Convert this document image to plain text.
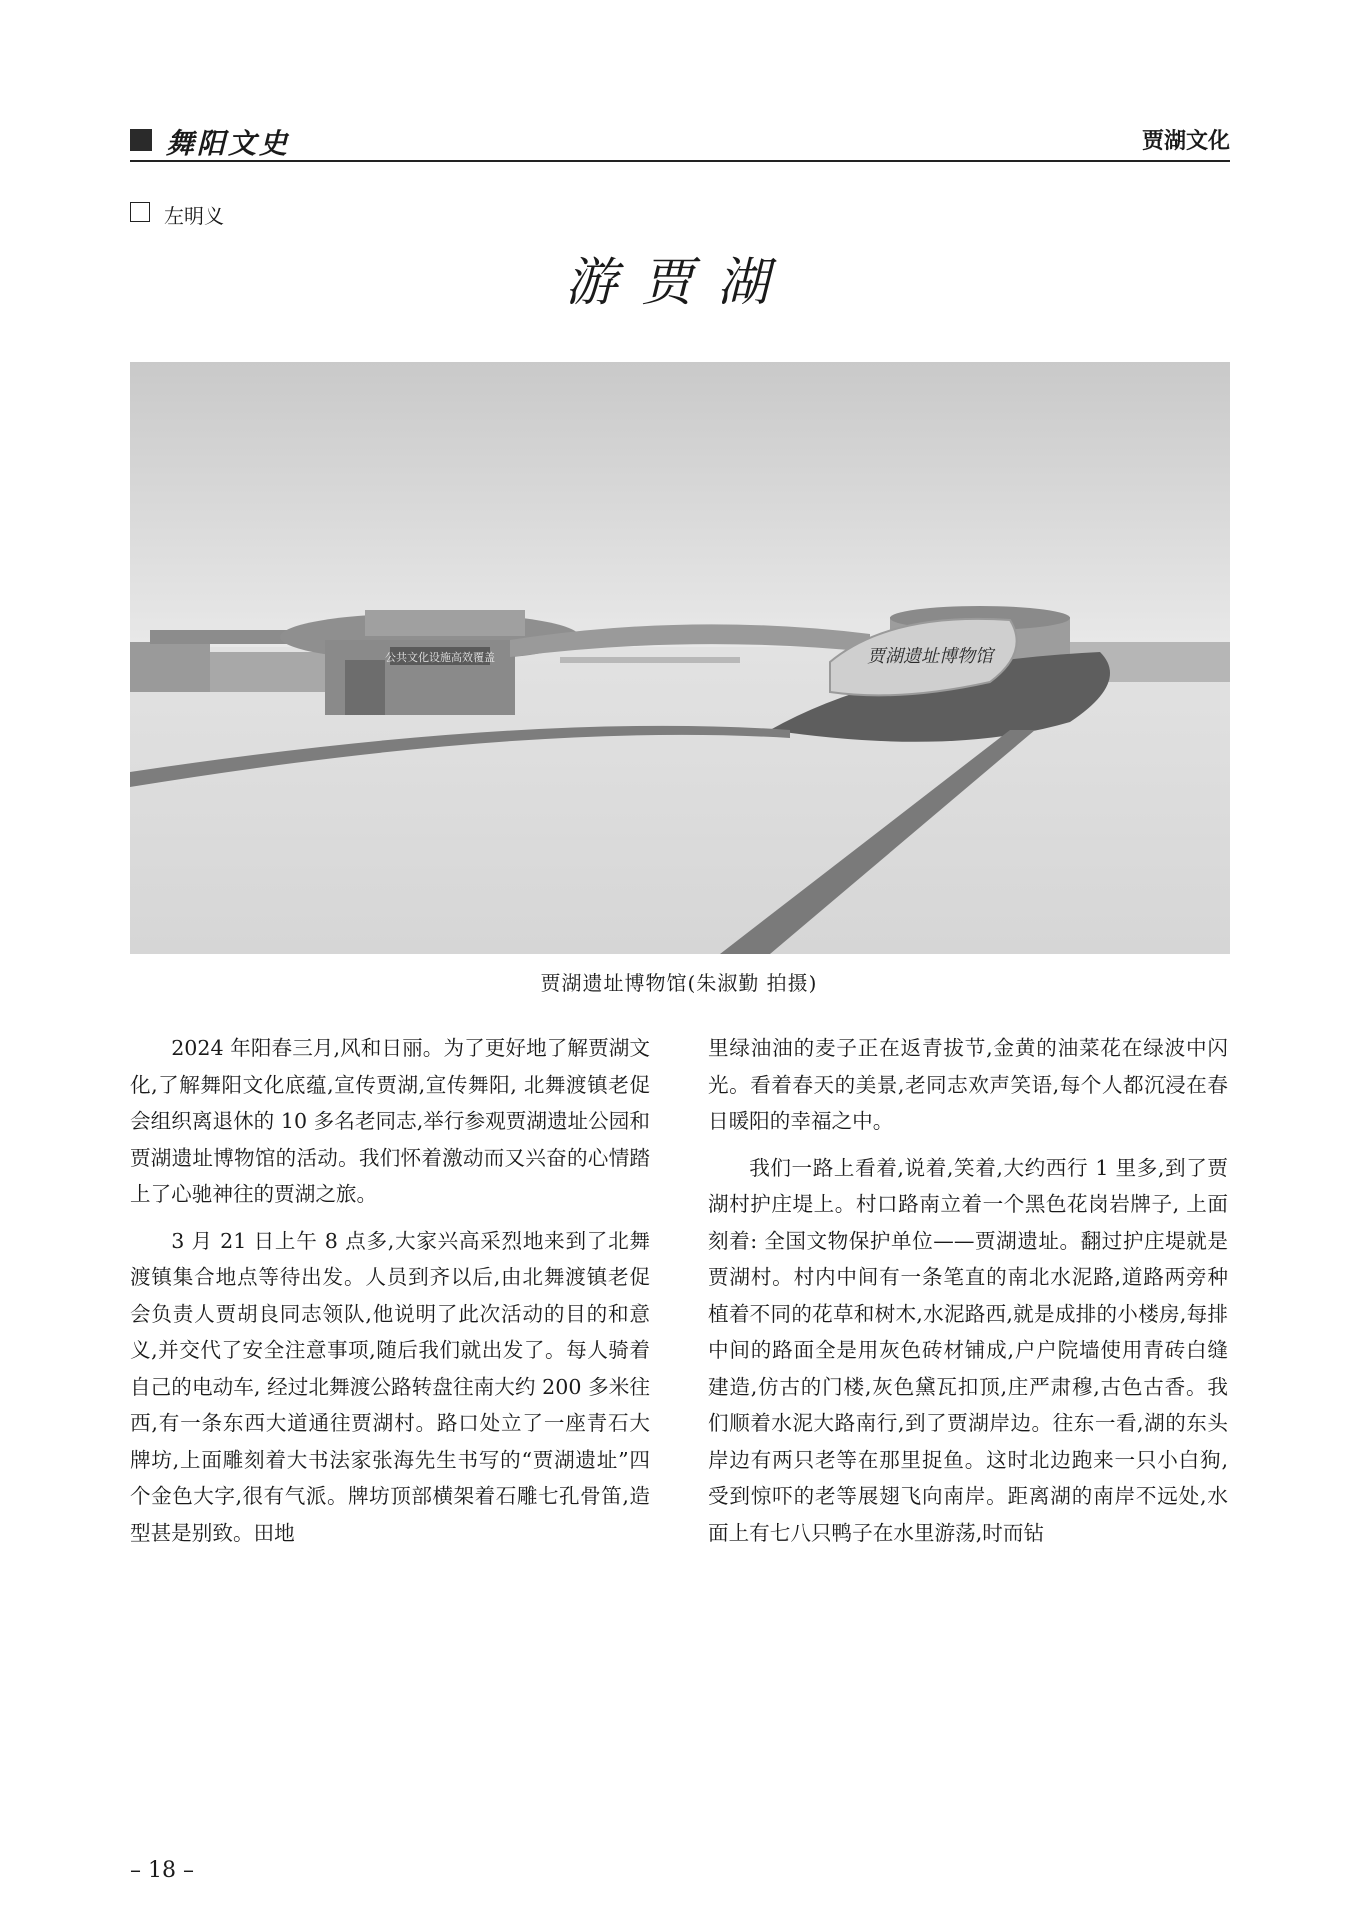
舞阳文史	贾湖文化
左明义
游贾湖
公共文化设施高效覆盖	贾湖遗址博物馆
贾湖遗址博物馆(朱淑勤 拍摄)

2024 年阳春三月,风和日丽。为了更好地了解贾湖文化,了解舞阳文化底蕴,宣传贾湖,宣传舞阳, 北舞渡镇老促会组织离退休的 10 多名老同志,举行参观贾湖遗址公园和贾湖遗址博物馆的活动。我们怀着激动而又兴奋的心情踏上了心驰神往的贾湖之旅。

3 月 21 日上午 8 点多,大家兴高采烈地来到了北舞渡镇集合地点等待出发。人员到齐以后,由北舞渡镇老促会负责人贾胡良同志领队,他说明了此次活动的目的和意义,并交代了安全注意事项,随后我们就出发了。每人骑着自己的电动车, 经过北舞渡公路转盘往南大约 200 多米往西,有一条东西大道通往贾湖村。路口处立了一座青石大牌坊,上面雕刻着大书法家张海先生书写的“贾湖遗址”四个金色大字,很有气派。牌坊顶部横架着石雕七孔骨笛,造型甚是别致。田地

里绿油油的麦子正在返青拔节,金黄的油菜花在绿波中闪光。看着春天的美景,老同志欢声笑语,每个人都沉浸在春日暖阳的幸福之中。

我们一路上看着,说着,笑着,大约西行 1 里多,到了贾湖村护庄堤上。村口路南立着一个黑色花岗岩牌子, 上面刻着: 全国文物保护单位——贾湖遗址。翻过护庄堤就是贾湖村。村内中间有一条笔直的南北水泥路,道路两旁种植着不同的花草和树木,水泥路西,就是成排的小楼房,每排中间的路面全是用灰色砖材铺成,户户院墙使用青砖白缝建造,仿古的门楼,灰色黛瓦扣顶,庄严肃穆,古色古香。我们顺着水泥大路南行,到了贾湖岸边。往东一看,湖的东头岸边有两只老等在那里捉鱼。这时北边跑来一只小白狗,受到惊吓的老等展翅飞向南岸。距离湖的南岸不远处,水面上有七八只鸭子在水里游荡,时而钻

– 18 –
